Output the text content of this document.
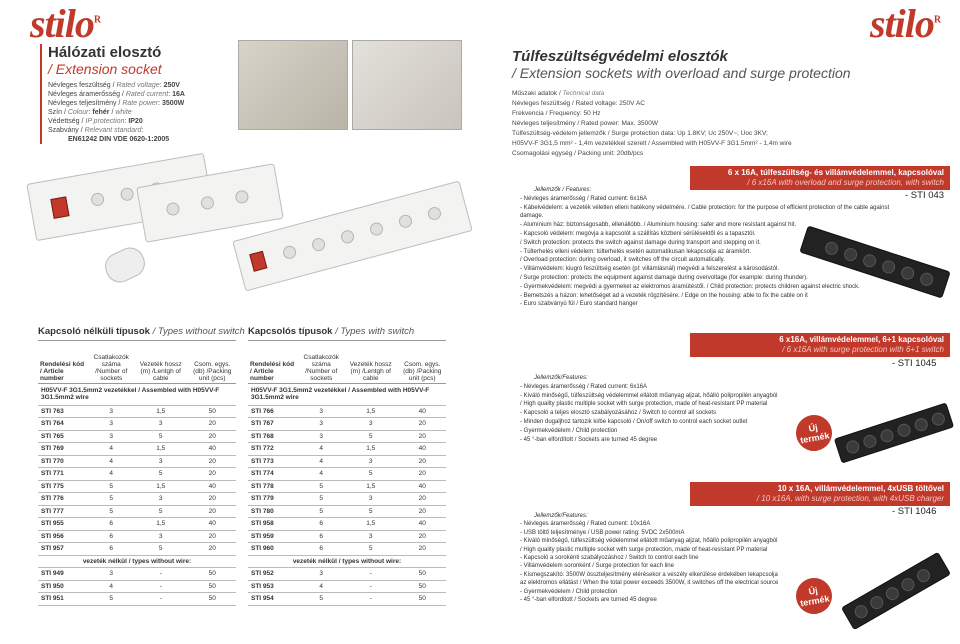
stilo$^R$	stilo$^R$
Hálózati elosztó
/ Extension socket
Névleges feszültség / Rated voltage: 250V
Névleges áramerősség / Rated current: 16A
Névleges teljesítmény / Rate power: 3500W
Szín / Colour: fehér / white
Védettség / IP protection: IP20
Szabvány / Relevant standard:
EN61242 DIN VDE 0620-1:2005
Túlfeszültségvédelmi elosztók
/ Extension sockets with overload and surge protection
Műszaki adatok / Technical data
Névleges feszültség / Rated voltage: 250V AC
Frekvencia / Frequency: 50 Hz
Névleges teljesítmény / Rated power: Max. 3500W
Túlfeszültség-védelem jellemzők / Surge protection data: Up 1.8KV; Uc 250V~; Uoc 3KV;
H05VV-F 3G1,5 mm² - 1,4m vezetékkel szerelt / Assembled with H05VV-F 3G1.5mm² - 1,4m wire
Csomagolási egység / Packing unit: 20db/pcs
6 x 16A, túlfeszültség- és villámvédelemmel, kapcsolóval
/ 6 x16A with overload and surge protection, with switch
- STI 043
Jellemzők / Features:
- Névleges áramerősség / Rated current: 6x16A
- Kábelvédelem: a vezeték véletlen elleni hatékony védelmére. / Cable protection: for the purpose of efficient protection of the cable against damage.
- Alumínium ház: biztonságosabb, ellenállóbb. / Aluminium housing: safer and more resistant against hit.
- Kapcsoló védelem: megóvja a kapcsolót a szállítás közbeni sérülésektől és a tapasztól.
/ Switch protection: protects the switch against damage during transport and stepping on it.
- Túlterhelés elleni védelem: túlterhelés esetén automatikusan lekapcsolja az áramkört.
/ Overload protection: during overload, it switches off the circuit automatically.
- Villámvédelem: kiugró feszültség esetén (pl: villámlásnál) megvédi a felszerelést a károsodástól.
/ Surge protection: protects the equipment against damage during overvoltage (for example: during thunder).
- Gyermekvédelem: megvédi a gyermeket az elektromos áramütéstől. / Child protection: protects children against electric shock.
- Bemetszés a házon: lehetőséget ad a vezeték rögzítésére. / Edge on the housing: able to fix the cable on it
- Euro szabványú fül / Euro standard hanger
6 x16A, villámvédelemmel, 6+1 kapcsolóval
/ 6 x16A with surge protection with 6+1 switch
- STI 1045
Jellemzők/Features:
- Névleges áramerősség / Rated current: 6x16A
- Kiváló minőségű, túlfeszültség védelemmel ellátott műanyag aljzat, hőálló polipropilén anyagból
/ High quality plastic multiple socket with surge protection, made of heat-resistant PP material
- Kapcsoló a teljes elosztó szabályozásához / Switch to control all sockets
- Minden dugaljhoz tartozik ki/be kapcsoló / On/off switch to control each socket outlet
- Gyermekvédelem / Child protection
- 45 °-ban elfordított / Sockets are turned 45 degree
Új
termék
10 x 16A, villámvédelemmel, 4xUSB töltővel
/ 10 x16A, with surge protection, with 4xUSB charger
- STI 1046
Jellemzők/Features:
- Névleges áramerősség / Rated current: 10x16A
- USB töltő teljesítménye / USB power rating: 5VDC 2x500mA
- Kiváló minőségű, túlfeszültség védelemmel ellátott műanyag aljzat, hőálló polipropilén anyagból
/ High quality plastic multiple socket with surge protection, made of heat-resistant PP material
- Kapcsoló a sorokénti szabályozáshoz / Switch to control each line
- Villámvédelem soronként / Surge protection for each line
- Kismegszakító: 3500W összteljesítmény elérésekor a veszély elkerülése érdekében lekapcsolja
az elektromos ellátást / When the total power exceeds 3500W, it switches off the electrical source
- Gyermekvédelem / Child protection
- 45 °-ban elforditott / Sockets are turned 45 degree
Új
termék
Kapcsoló nélküli típusok / Types without switch
Rendelési kód / Article number	Csatlakozók száma /Number of sockets	Vezeték hossz (m) /Lentgh of cable	Csom. egys. (db) /Packing unit (pcs)
H05VV-F 3G1.5mm2 vezetékkel / Assembled with H05VV-F 3G1.5mm2 wire			
STI 763	3	1,5	50
STI 764	3	3	20
STI 765	3	5	20
STI 769	4	1,5	40
STI 770	4	3	20
STI 771	4	5	20
STI 775	5	1,5	40
STI 776	5	3	20
STI 777	5	5	20
STI 955	6	1,5	40
STI 956	6	3	20
STI 957	6	5	20
vezeték nélkül / types without wire:			
STI 949	3	-	50
STI 950	4	-	50
STI 951	5	-	50
Kapcsolós típusok / Types with switch
Rendelési kód / Article number	Csatlakozók száma /Number of sockets	Vezeték hossz (m) /Lentgh of cable	Csom. egys. (db) /Packing unit (pcs)
H05VV-F 3G1.5mm2 vezetékkel / Assembled with H05VV-F 3G1.5mm2 wire			
STI 766	3	1,5	40
STI 767	3	3	20
STI 768	3	5	20
STI 772	4	1,5	40
STI 773	4	3	20
STI 774	4	5	20
STI 778	5	1,5	40
STI 779	5	3	20
STI 780	5	5	20
STI 958	6	1,5	40
STI 959	6	3	20
STI 960	6	5	20
vezeték nélkül / types without wire:			
STI 952	3	-	50
STI 953	4	-	50
STI 954	5	-	50
